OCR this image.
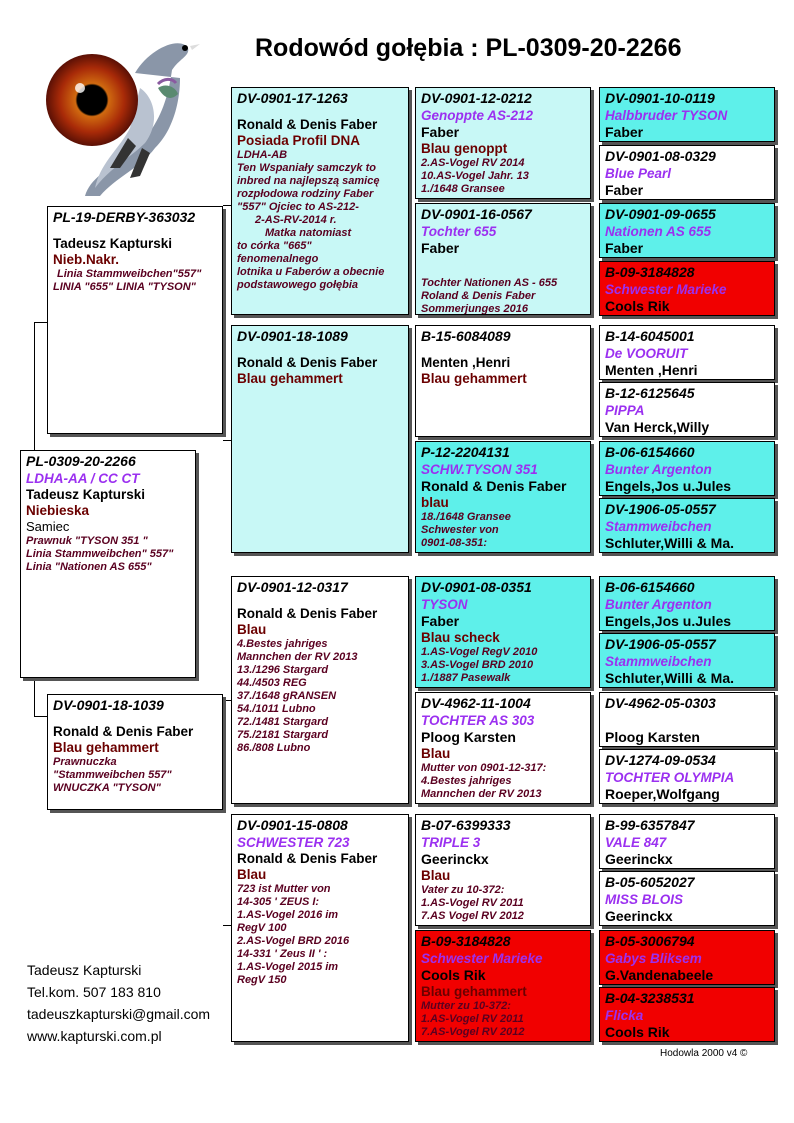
Rodowód gołębia : PL-0309-20-2266
PL-0309-20-2266
LDHA-AA / CC CT
Tadeusz Kapturski
Niebieska
Samiec
Prawnuk "TYSON 351 "
Linia Stammweibchen" 557"
Linia "Nationen AS 655"
PL-19-DERBY-363032
Tadeusz Kapturski
Nieb.Nakr.
Linia Stammweibchen"557"
LINIA "655" LINIA "TYSON"
DV-0901-18-1039
Ronald & Denis Faber
Blau gehammert
Prawnuczka
"Stammweibchen 557"
WNUCZKA "TYSON"
DV-0901-17-1263
Ronald & Denis Faber
Posiada Profil DNA
LDHA-AB
Ten Wspaniały samczyk to
inbred na najlepszą samicę
rozpłodowa rodziny Faber
"557" Ojciec to AS-212-
2-AS-RV-2014 r.
Matka natomiast
to córka "665"
fenomenalnego
lotnika u Faberów a obecnie
podstawowego gołębia
DV-0901-18-1089
Ronald & Denis Faber
Blau gehammert
DV-0901-12-0317
Ronald & Denis Faber
Blau
4.Bestes jahriges
Mannchen der RV 2013
13./1296 Stargard
44./4503 REG
37./1648 gRANSEN
54./1011 Lubno
72./1481 Stargard
75./2181 Stargard
86./808 Lubno
DV-0901-15-0808
SCHWESTER 723
Ronald & Denis Faber
Blau
723 ist Mutter von
14-305 ' ZEUS I:
1.AS-Vogel 2016 im
RegV 100
2.AS-Vogel BRD 2016
14-331 ' Zeus II ' :
1.AS-Vogel 2015 im
RegV 150
DV-0901-12-0212
Genoppte AS-212
Faber
Blau genoppt
2.AS-Vogel RV 2014
10.AS-Vogel Jahr. 13
1./1648 Gransee
DV-0901-16-0567
Tochter 655
Faber
Tochter Nationen AS - 655
Roland & Denis Faber
Sommerjunges 2016
B-15-6084089
Menten ,Henri
Blau gehammert
P-12-2204131
SCHW.TYSON 351
Ronald & Denis Faber
blau
18./1648 Gransee
Schwester von
0901-08-351:
DV-0901-08-0351
TYSON
Faber
Blau scheck
1.AS-Vogel RegV 2010
3.AS-Vogel BRD 2010
1./1887 Pasewalk
DV-4962-11-1004
TOCHTER AS 303
Ploog Karsten
Blau
Mutter von 0901-12-317:
4.Bestes jahriges
Mannchen der RV 2013
B-07-6399333
TRIPLE 3
Geerinckx
Blau
Vater zu 10-372:
1.AS-Vogel RV 2011
7.AS Vogel RV 2012
B-09-3184828
Schwester Marieke
Cools Rik
Blau gehammert
Mutter zu 10-372:
1.AS-Vogel RV 2011
7.AS-Vogel RV 2012
DV-0901-10-0119
Halbbruder TYSON
Faber
DV-0901-08-0329
Blue Pearl
Faber
DV-0901-09-0655
Nationen AS 655
Faber
B-09-3184828
Schwester Marieke
Cools Rik
B-14-6045001
De VOORUIT
Menten ,Henri
B-12-6125645
PIPPA
Van Herck,Willy
B-06-6154660
Bunter Argenton
Engels,Jos u.Jules
DV-1906-05-0557
Stammweibchen
Schluter,Willi & Ma.
B-06-6154660
Bunter Argenton
Engels,Jos u.Jules
DV-1906-05-0557
Stammweibchen
Schluter,Willi & Ma.
DV-4962-05-0303
Ploog Karsten
DV-1274-09-0534
TOCHTER OLYMPIA
Roeper,Wolfgang
B-99-6357847
VALE 847
Geerinckx
B-05-6052027
MISS BLOIS
Geerinckx
B-05-3006794
Gabys Bliksem
G.Vandenabeele
B-04-3238531
Flicka
Cools Rik
Tadeusz Kapturski
Tel.kom. 507 183 810
tadeuszkapturski@gmail.com
www.kapturski.com.pl
Hodowla 2000 v4 ©
